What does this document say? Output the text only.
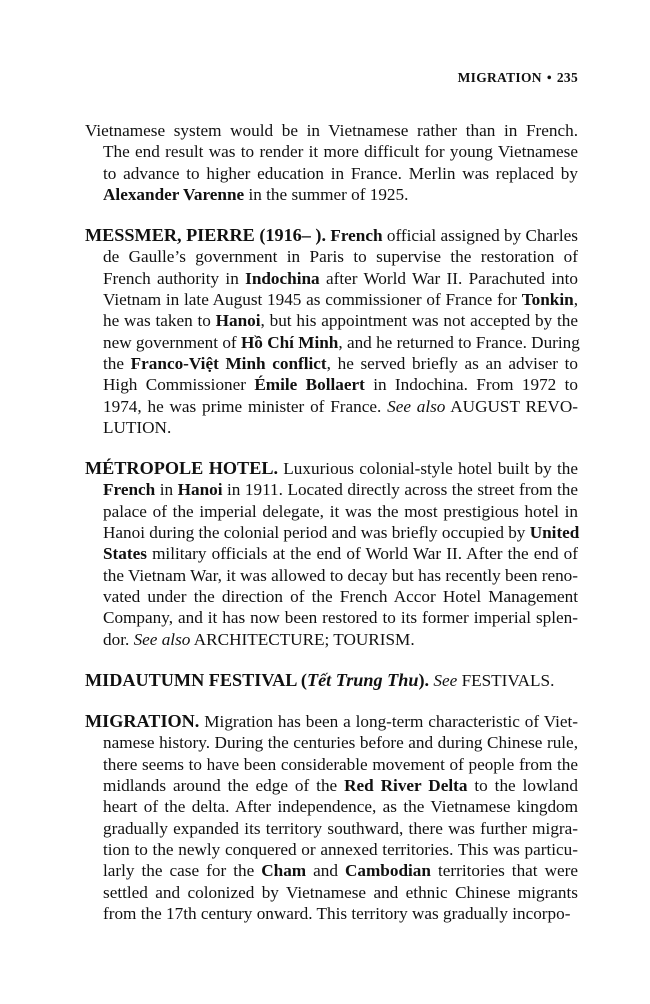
MIGRATION • 235
Vietnamese system would be in Vietnamese rather than in French.
The end result was to render it more difficult for young Vietnamese
to advance to higher education in France. Merlin was replaced by
Alexander Varenne in the summer of 1925.
MESSMER, PIERRE (1916– ). French official assigned by Charles
de Gaulle’s government in Paris to supervise the restoration of
French authority in Indochina after World War II. Parachuted into
Vietnam in late August 1945 as commissioner of France for Tonkin,
he was taken to Hanoi, but his appointment was not accepted by the
new government of Hồ Chí Minh, and he returned to France. During
the Franco-Việt Minh conflict, he served briefly as an adviser to
High Commissioner Émile Bollaert in Indochina. From 1972 to
1974, he was prime minister of France. See also AUGUST REVO-
LUTION.
MÉTROPOLE HOTEL. Luxurious colonial-style hotel built by the
French in Hanoi in 1911. Located directly across the street from the
palace of the imperial delegate, it was the most prestigious hotel in
Hanoi during the colonial period and was briefly occupied by United
States military officials at the end of World War II. After the end of
the Vietnam War, it was allowed to decay but has recently been reno-
vated under the direction of the French Accor Hotel Management
Company, and it has now been restored to its former imperial splen-
dor. See also ARCHITECTURE; TOURISM.
MIDAUTUMN FESTIVAL (Tết Trung Thu). See FESTIVALS.
MIGRATION. Migration has been a long-term characteristic of Viet-
namese history. During the centuries before and during Chinese rule,
there seems to have been considerable movement of people from the
midlands around the edge of the Red River Delta to the lowland
heart of the delta. After independence, as the Vietnamese kingdom
gradually expanded its territory southward, there was further migra-
tion to the newly conquered or annexed territories. This was particu-
larly the case for the Cham and Cambodian territories that were
settled and colonized by Vietnamese and ethnic Chinese migrants
from the 17th century onward. This territory was gradually incorpo-
